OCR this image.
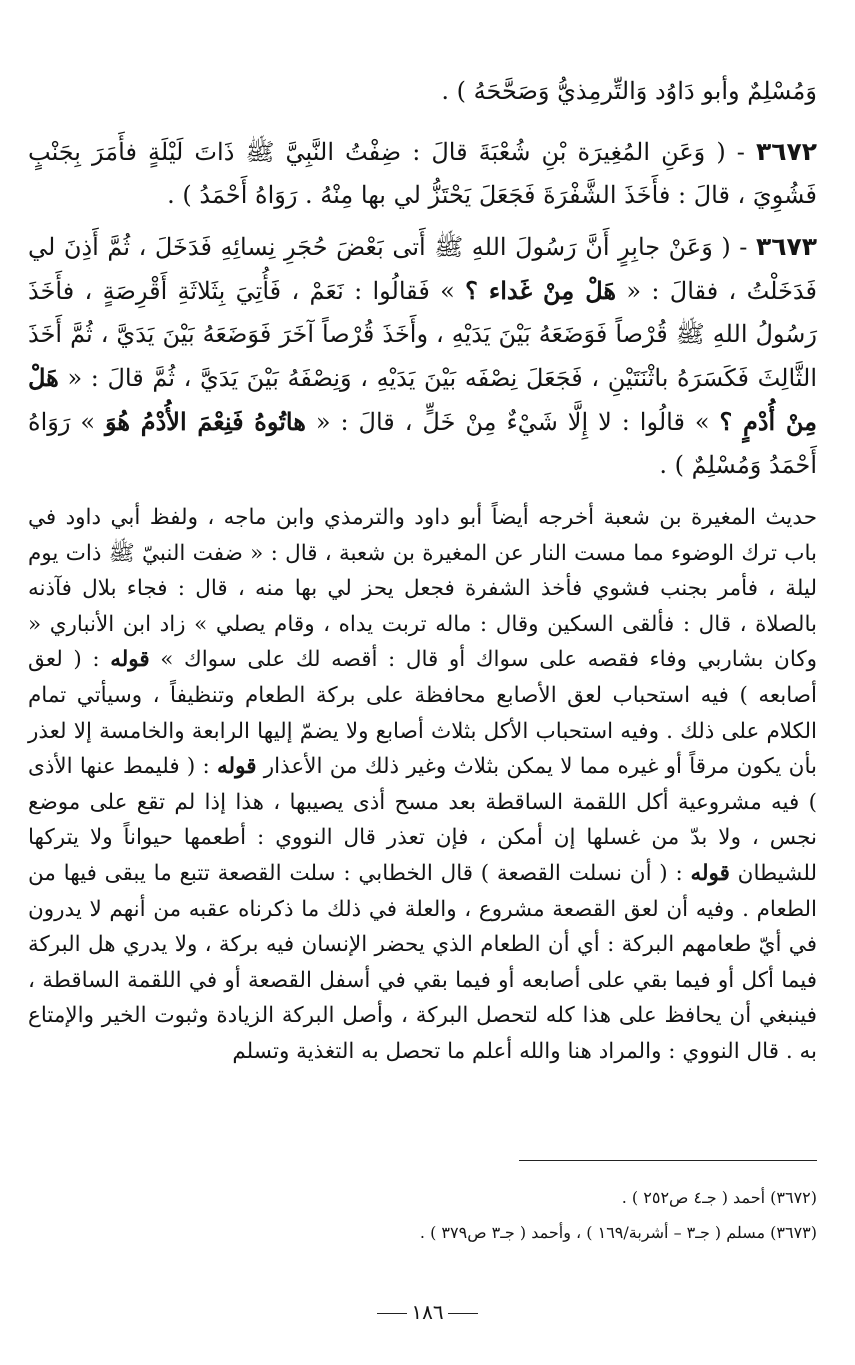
وَمُسْلِمٌ وأبو دَاوُد وَالتِّرمِذيُّ وَصَحَّحَهُ ) .
٣٦٧٢ - ( وَعَنِ المُغِيرَة بْنِ شُعْبَةَ قالَ : ضِفْتُ النَّبِيَّ ﷺ ذَاتَ لَيْلَةٍ فأَمَرَ بِجَنْبٍ فَشُوِيَ ، قالَ : فأَخَذَ الشَّفْرَةَ فَجَعَلَ يَحْتَزُّ لي بها مِنْهُ . رَوَاهُ أَحْمَدُ ) .
٣٦٧٣ - ( وَعَنْ جابِرٍ أَنَّ رَسُولَ اللهِ ﷺ أَتى بَعْضَ حُجَرِ نِسائِهِ فَدَخَلَ ، ثُمَّ أَذِنَ لي فَدَخَلْتُ ، فقالَ : « هَلْ مِنْ غَداء ؟ » فَقالُوا : نَعَمْ ، فَأُتِيَ بِثَلاثَةِ أَقْرِصَةٍ ، فأَخَذَ رَسُولُ اللهِ ﷺ قُرْصاً فَوَضَعَهُ بَيْنَ يَدَيْهِ ، وأَخَذَ قُرْصاً آخَرَ فَوَضَعَهُ بَيْنَ يَدَيَّ ، ثُمَّ أَخَذَ الثَّالِثَ فَكَسَرَهُ باثْنَتَيْنِ ، فَجَعَلَ نِصْفَه بَيْنَ يَدَيْهِ ، وَنِصْفَهُ بَيْنَ يَدَيَّ ، ثُمَّ قالَ : « هَلْ مِنْ أُدْمٍ ؟ » قالُوا : لا إِلَّا شَيْءٌ مِنْ خَلٍّ ، قالَ : « هاتُوهُ فَنِعْمَ الأُدْمُ هُوَ » رَوَاهُ أَحْمَدُ وَمُسْلِمٌ ) .
حديث المغيرة بن شعبة أخرجه أيضاً أبو داود والترمذي وابن ماجه ، ولفظ أبي داود في باب ترك الوضوء مما مست النار عن المغيرة بن شعبة ، قال : « ضفت النبيّ ﷺ ذات يوم ليلة ، فأمر بجنب فشوي فأخذ الشفرة فجعل يحز لي بها منه ، قال : فجاء بلال فآذنه بالصلاة ، قال : فألقى السكين وقال : ماله تربت يداه ، وقام يصلي » زاد ابن الأنباري « وكان بشاربي وفاء فقصه على سواك أو قال : أقصه لك على سواك » قوله : ( لعق أصابعه ) فيه استحباب لعق الأصابع محافظة على بركة الطعام وتنظيفاً ، وسيأتي تمام الكلام على ذلك . وفيه استحباب الأكل بثلاث أصابع ولا يضمّ إليها الرابعة والخامسة إلا لعذر بأن يكون مرقاً أو غيره مما لا يمكن بثلاث وغير ذلك من الأعذار قوله : ( فليمط عنها الأذى ) فيه مشروعية أكل اللقمة الساقطة بعد مسح أذى يصيبها ، هذا إذا لم تقع على موضع نجس ، ولا بدّ من غسلها إن أمكن ، فإن تعذر قال النووي : أطعمها حيواناً ولا يتركها للشيطان قوله : ( أن نسلت القصعة ) قال الخطابي : سلت القصعة تتبع ما يبقى فيها من الطعام . وفيه أن لعق القصعة مشروع ، والعلة في ذلك ما ذكرناه عقبه من أنهم لا يدرون في أيّ طعامهم البركة : أي أن الطعام الذي يحضر الإنسان فيه بركة ، ولا يدري هل البركة فيما أكل أو فيما بقي على أصابعه أو فيما بقي في أسفل القصعة أو في اللقمة الساقطة ، فينبغي أن يحافظ على هذا كله لتحصل البركة ، وأصل البركة الزيادة وثبوت الخير والإمتاع به . قال النووي : والمراد هنا والله أعلم ما تحصل به التغذية وتسلم
(٣٦٧٢) أحمد ( جـ٤ ص٢٥٢ ) .
(٣٦٧٣) مسلم ( جـ٣ – أشربة/١٦٩ ) ، وأحمد ( جـ٣ ص٣٧٩ ) .
١٨٦
